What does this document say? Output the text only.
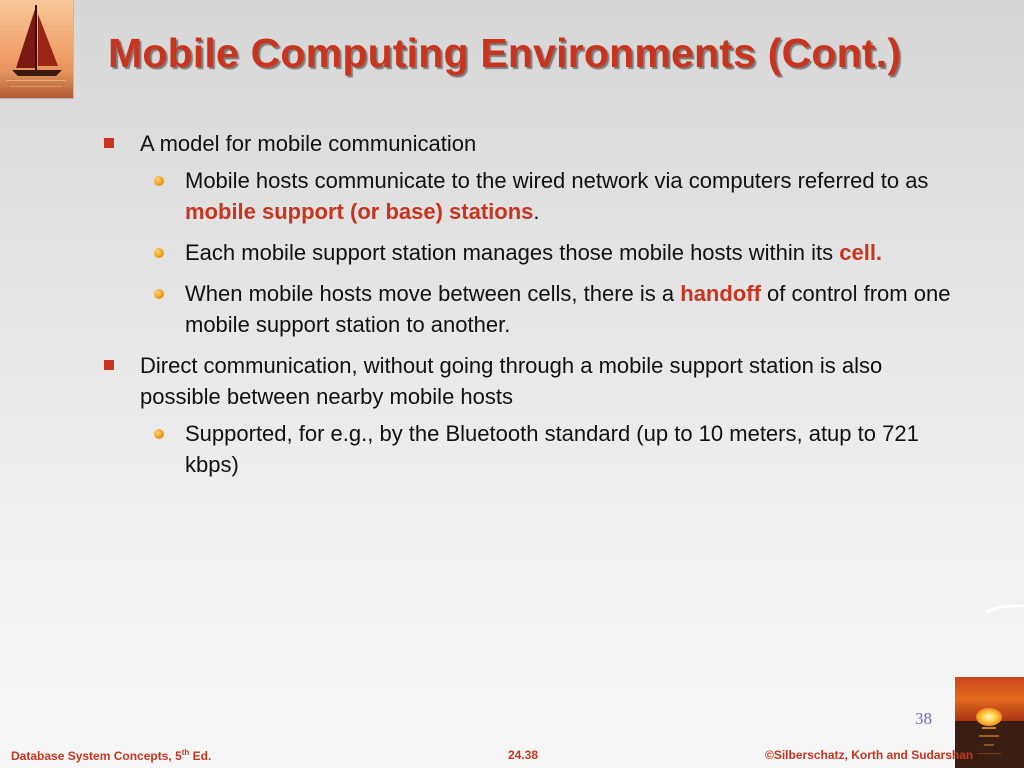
Mobile Computing Environments (Cont.)
A model for mobile communication
Mobile hosts communicate to the wired network via computers referred to as mobile support (or base) stations.
Each mobile support station manages those mobile hosts within its cell.
When mobile hosts move between cells, there is a handoff of control from one mobile support station to another.
Direct communication, without going through a mobile support station is also possible between nearby mobile hosts
Supported, for e.g., by the Bluetooth standard (up to 10 meters, atup to 721 kbps)
38
Database System Concepts, 5th Ed.	24.38	©Silberschatz, Korth and Sudarshan
